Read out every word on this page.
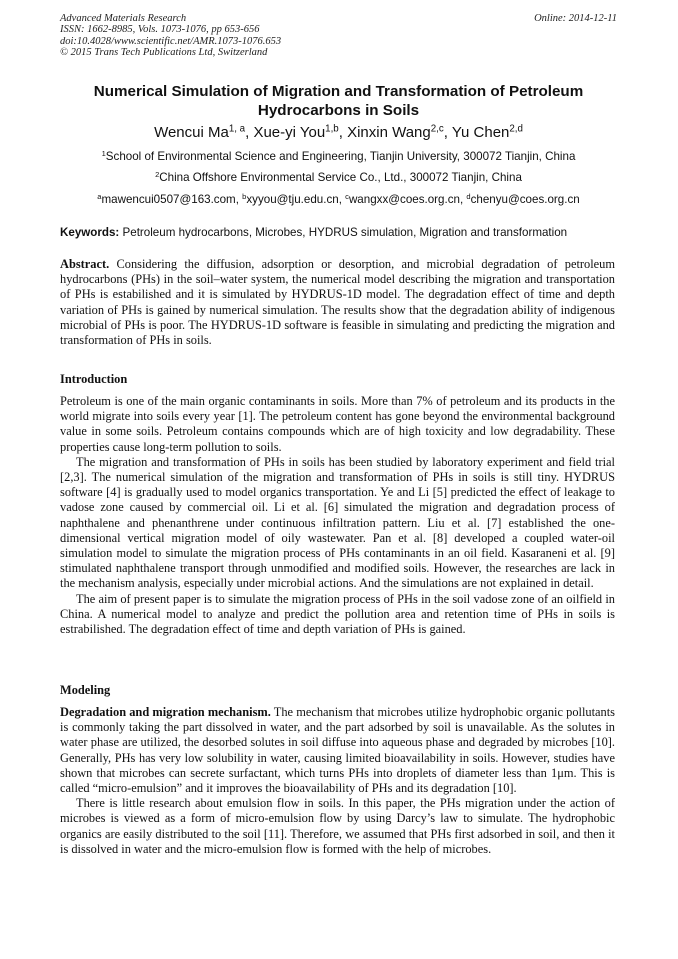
Advanced Materials Research
ISSN: 1662-8985, Vols. 1073-1076, pp 653-656
doi:10.4028/www.scientific.net/AMR.1073-1076.653
© 2015 Trans Tech Publications Ltd, Switzerland
Online: 2014-12-11
Numerical Simulation of Migration and Transformation of Petroleum Hydrocarbons in Soils
Wencui Ma$^{1, a}$, Xue-yi You$^{1,b}$, Xinxin Wang$^{2,c}$, Yu Chen$^{2,d}$
$^1$School of Environmental Science and Engineering, Tianjin University, 300072 Tianjin, China
$^2$China Offshore Environmental Service Co., Ltd., 300072 Tianjin, China
$^a$mawencui0507@163.com, $^b$xyyou@tju.edu.cn, $^c$wangxx@coes.org.cn, $^d$chenyu@coes.org.cn
Keywords: Petroleum hydrocarbons, Microbes, HYDRUS simulation, Migration and transformation

Abstract. Considering the diffusion, adsorption or desorption, and microbial degradation of petroleum hydrocarbons (PHs) in the soil–water system, the numerical model describing the migration and transportation of PHs is estabilished and it is simulated by HYDRUS-1D model. The degradation effect of time and depth variation of PHs is gained by numerical simulation. The results show that the degradation ability of indigenous microbial of PHs is poor. The HYDRUS-1D software is feasible in simulating and predicting the migration and transformation of PHs in soils.

Introduction

Petroleum is one of the main organic contaminants in soils. More than 7% of petroleum and its products in the world migrate into soils every year [1]. The petroleum content has gone beyond the environmental background value in some soils. Petroleum contains compounds which are of high toxicity and low degradability. These properties cause long-term pollution to soils.

The migration and transformation of PHs in soils has been studied by laboratory experiment and field trial [2,3]. The numerical simulation of the migration and transformation of PHs in soils is still tiny. HYDRUS software [4] is gradually used to model organics transportation. Ye and Li [5] predicted the effect of leakage to vadose zone caused by commercial oil. Li et al. [6] simulated the migration and degradation process of naphthalene and phenanthrene under continuous infiltration pattern. Liu et al. [7] established the one-dimensional vertical migration model of oily wastewater. Pan et al. [8] developed a coupled water-oil simulation model to simulate the migration process of PHs contaminants in an oil field. Kasaraneni et al. [9] stimulated naphthalene transport through unmodified and modified soils. However, the researches are lack in the mechanism analysis, especially under microbial actions. And the simulations are not explained in detail.

The aim of present paper is to simulate the migration process of PHs in the soil vadose zone of an oilfield in China. A numerical model to analyze and predict the pollution area and retention time of PHs in soils is estrabilished. The degradation effect of time and depth variation of PHs is gained.

Modeling

Degradation and migration mechanism. The mechanism that microbes utilize hydrophobic organic pollutants is commonly taking the part dissolved in water, and the part adsorbed by soil is unavailable. As the solutes in water phase are utilized, the desorbed solutes in soil diffuse into aqueous phase and degraded by microbes [10]. Generally, PHs has very low solubility in water, causing limited bioavailability in soils. However, studies have shown that microbes can secrete surfactant, which turns PHs into droplets of diameter less than 1μm. This is called “micro-emulsion” and it improves the bioavailability of PHs and its degradation [10].

There is little research about emulsion flow in soils. In this paper, the PHs migration under the action of microbes is viewed as a form of micro-emulsion flow by using Darcy’s law to simulate. The hydrophobic organics are easily distributed to the soil [11]. Therefore, we assumed that PHs first adsorbed in soil, and then it is dissolved in water and the micro-emulsion flow is formed with the help of microbes.
